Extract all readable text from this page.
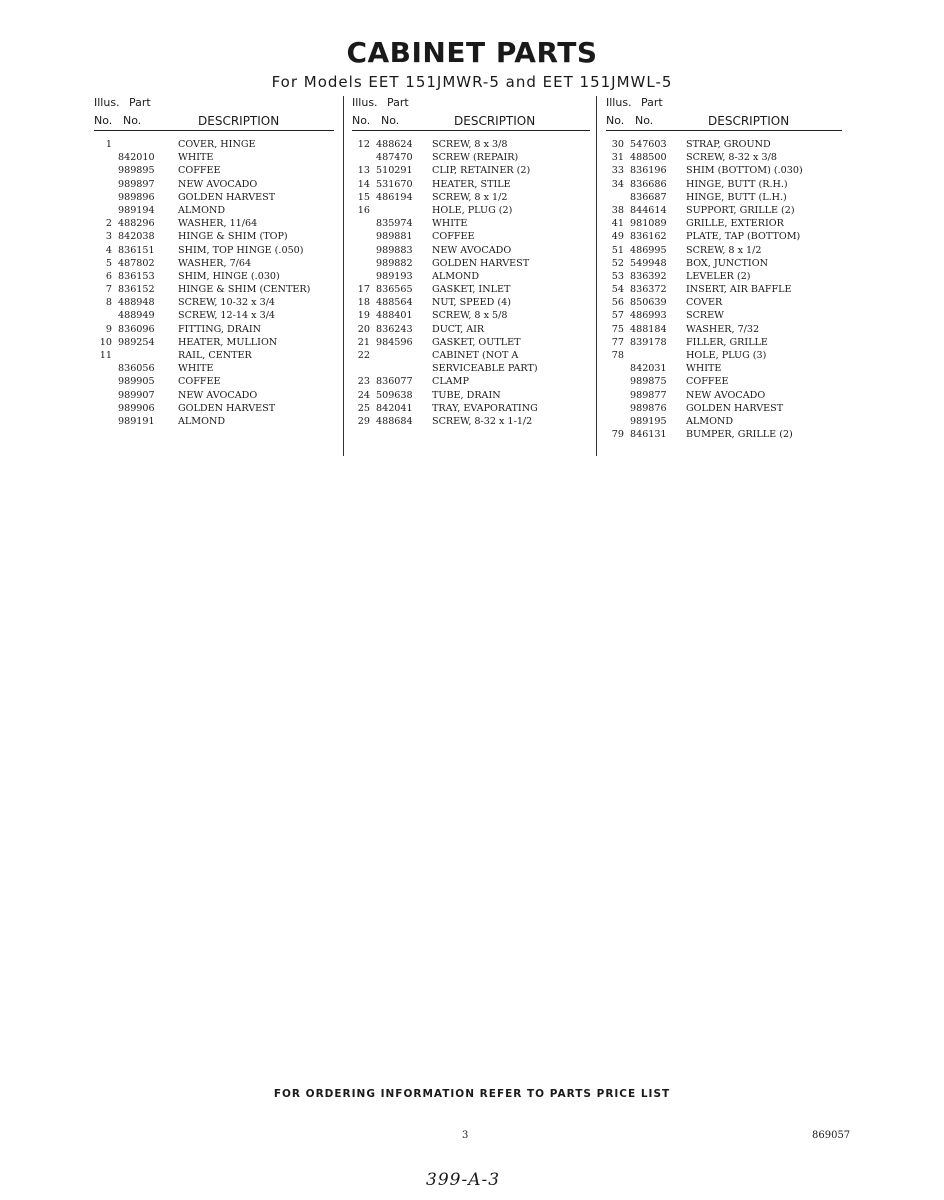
CABINET PARTS
For Models EET 151JMWR-5 and EET 151JMWL-5
Illus. Part
No. No.	DESCRIPTION
1	COVER, HINGE
842010 WHITE
989895 COFFEE
989897 NEW AVOCADO
989896 GOLDEN HARVEST
989194 ALMOND
2 488296 WASHER, 11/64
3 842038 HINGE & SHIM (TOP)
4 836151 SHIM, TOP HINGE (.050)
5 487802 WASHER, 7/64
6 836153 SHIM, HINGE (.030)
7 836152 HINGE & SHIM (CENTER)
8 488948 SCREW, 10-32 x 3/4
488949 SCREW, 12-14 x 3/4
9 836096 FITTING, DRAIN
10 989254 HEATER, MULLION
11	RAIL, CENTER
836056 WHITE
989905 COFFEE
989907 NEW AVOCADO
989906 GOLDEN HARVEST
989191 ALMOND
Illus. Part
No. No.	DESCRIPTION
12 488624 SCREW, 8 x 3/8
487470 SCREW (REPAIR)
13 510291 CLIP, RETAINER (2)
14 531670 HEATER, STILE
15 486194 SCREW, 8 x 1/2
16	HOLE, PLUG (2)
835974 WHITE
989881 COFFEE
989883 NEW AVOCADO
989882 GOLDEN HARVEST
989193 ALMOND
17 836565 GASKET, INLET
18 488564 NUT, SPEED (4)
19 488401 SCREW, 8 x 5/8
20 836243 DUCT, AIR
21 984596 GASKET, OUTLET
22	CABINET (NOT A
SERVICEABLE PART)
23 836077 CLAMP
24 509638 TUBE, DRAIN
25 842041 TRAY, EVAPORATING
29 488684 SCREW, 8-32 x 1-1/2
Illus. Part
No. No.	DESCRIPTION
30 547603 STRAP, GROUND
31 488500 SCREW, 8-32 x 3/8
33 836196 SHIM (BOTTOM) (.030)
34 836686 HINGE, BUTT (R.H.)
836687 HINGE, BUTT (L.H.)
38 844614 SUPPORT, GRILLE (2)
41 981089 GRILLE, EXTERIOR
49 836162 PLATE, TAP (BOTTOM)
51 486995 SCREW, 8 x 1/2
52 549948 BOX, JUNCTION
53 836392 LEVELER (2)
54 836372 INSERT, AIR BAFFLE
56 850639 COVER
57 486993 SCREW
75 488184 WASHER, 7/32
77 839178 FILLER, GRILLE
78	HOLE, PLUG (3)
842031 WHITE
989875 COFFEE
989877 NEW AVOCADO
989876 GOLDEN HARVEST
989195 ALMOND
79 846131 BUMPER, GRILLE (2)
FOR ORDERING INFORMATION REFER TO PARTS PRICE LIST
3	869057
399-A-3
